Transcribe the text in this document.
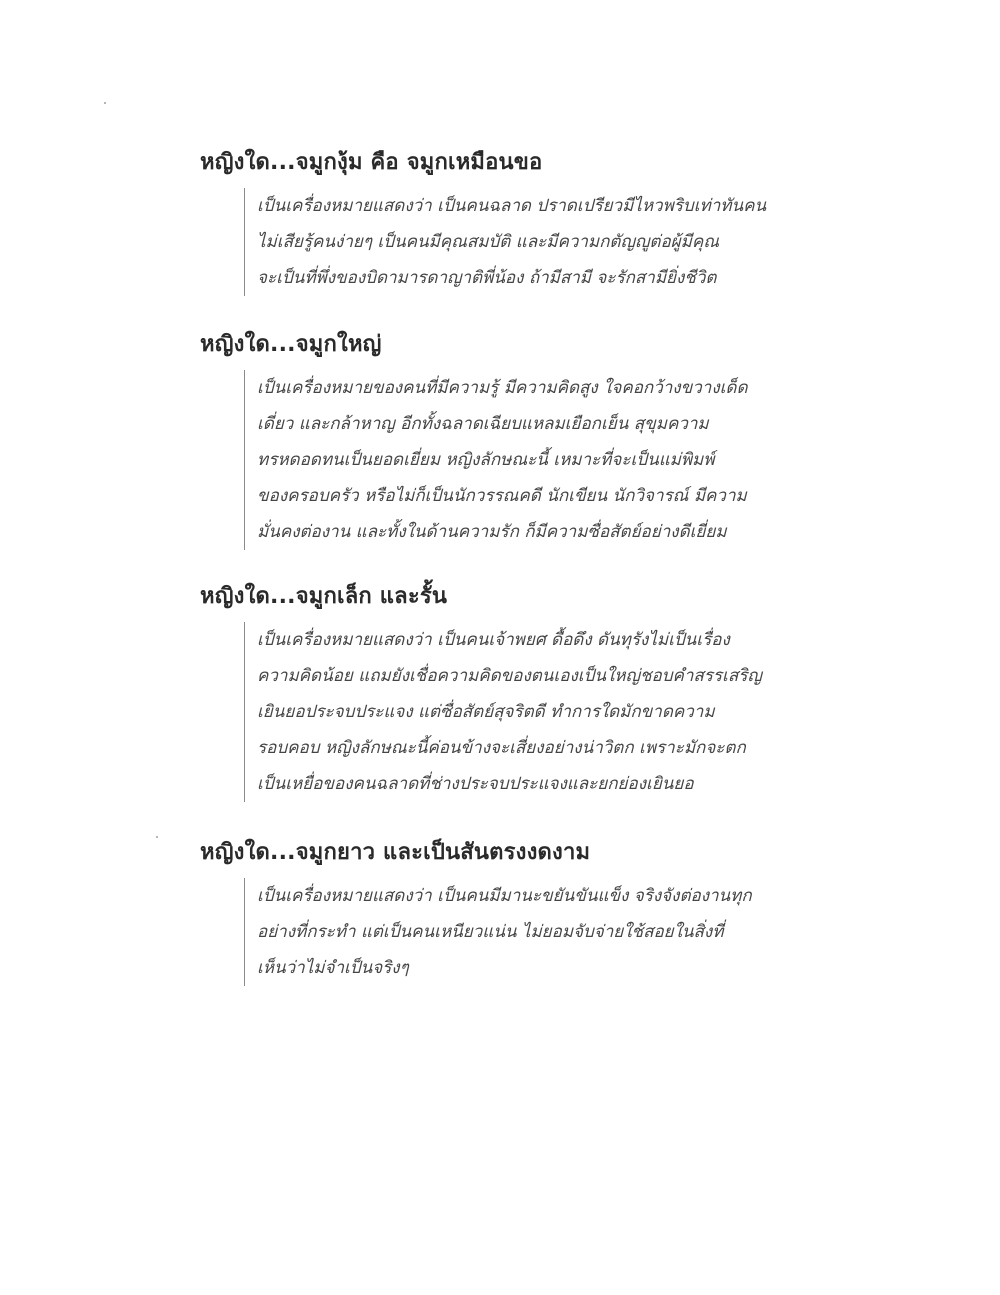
หญิงใด...จมูกงุ้ม คือ จมูกเหมือนขอ

เป็นเครื่องหมายแสดงว่า เป็นคนฉลาด ปราดเปรียวมีไหวพริบเท่าทันคน

ไม่เสียรู้คนง่ายๆ เป็นคนมีคุณสมบัติ และมีความกตัญญูต่อผู้มีคุณ

จะเป็นที่พึ่งของบิดามารดาญาติพี่น้อง ถ้ามีสามี จะรักสามียิ่งชีวิต

หญิงใด...จมูกใหญ่

เป็นเครื่องหมายของคนที่มีความรู้ มีความคิดสูง ใจคอกว้างขวางเด็ด

เดี่ยว และกล้าหาญ อีกทั้งฉลาดเฉียบแหลมเยือกเย็น สุขุมความ

ทรหดอดทนเป็นยอดเยี่ยม หญิงลักษณะนี้ เหมาะที่จะเป็นแม่พิมพ์

ของครอบครัว หรือไม่ก็เป็นนักวรรณคดี นักเขียน นักวิจารณ์ มีความ

มั่นคงต่องาน และทั้งในด้านความรัก ก็มีความซื่อสัตย์อย่างดีเยี่ยม

หญิงใด...จมูกเล็ก และรั้น

เป็นเครื่องหมายแสดงว่า เป็นคนเจ้าพยศ ดื้อดึง ดันทุรังไม่เป็นเรื่อง

ความคิดน้อย แถมยังเชื่อความคิดของตนเองเป็นใหญ่ชอบคำสรรเสริญ

เยินยอประจบประแจง แต่ซื่อสัตย์สุจริตดี ทำการใดมักขาดความ

รอบคอบ หญิงลักษณะนี้ค่อนข้างจะเสี่ยงอย่างน่าวิตก เพราะมักจะตก

เป็นเหยื่อของคนฉลาดที่ช่างประจบประแจงและยกย่องเยินยอ

หญิงใด...จมูกยาว และเป็นสันตรงงดงาม

เป็นเครื่องหมายแสดงว่า เป็นคนมีมานะขยันขันแข็ง จริงจังต่องานทุก

อย่างที่กระทำ แต่เป็นคนเหนียวแน่น ไม่ยอมจับจ่ายใช้สอยในสิ่งที่

เห็นว่าไม่จำเป็นจริงๆ
